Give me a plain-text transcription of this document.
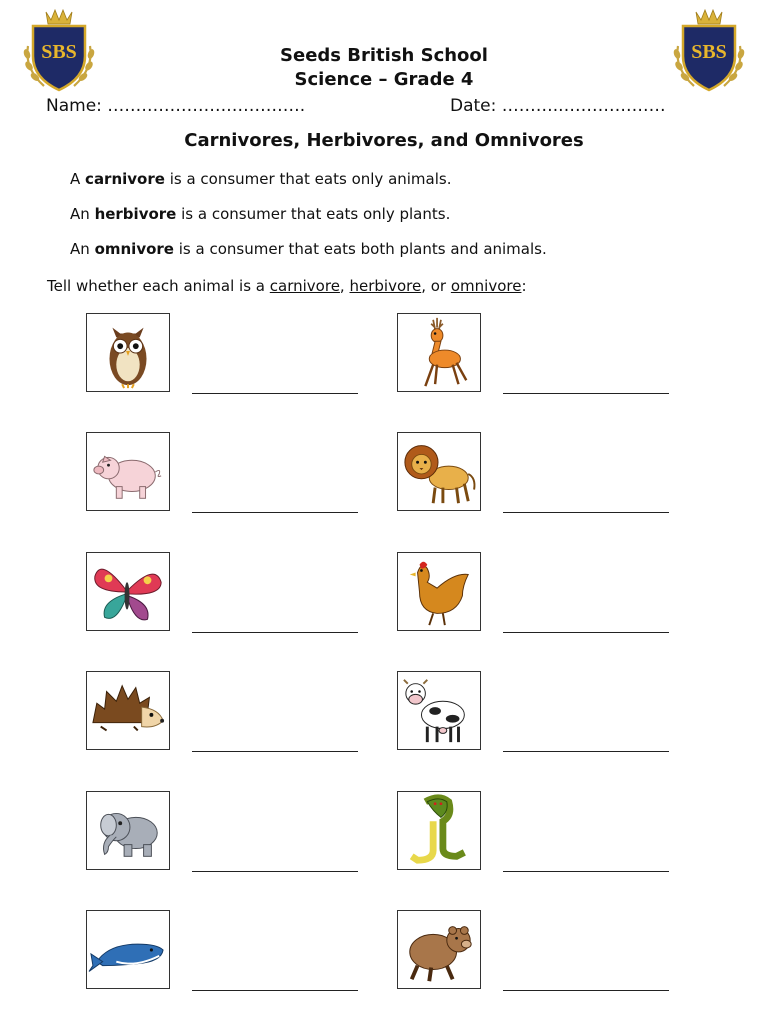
SBS	SBS
Seeds British School
Science – Grade 4
Name: ………………….………….	Date: ………..………………
Carnivores, Herbivores, and Omnivores
A carnivore is a consumer that eats only animals.
An herbivore is a consumer that eats only plants.
An omnivore is a consumer that eats both plants and animals.
Tell whether each animal is a carnivore, herbivore, or omnivore:
